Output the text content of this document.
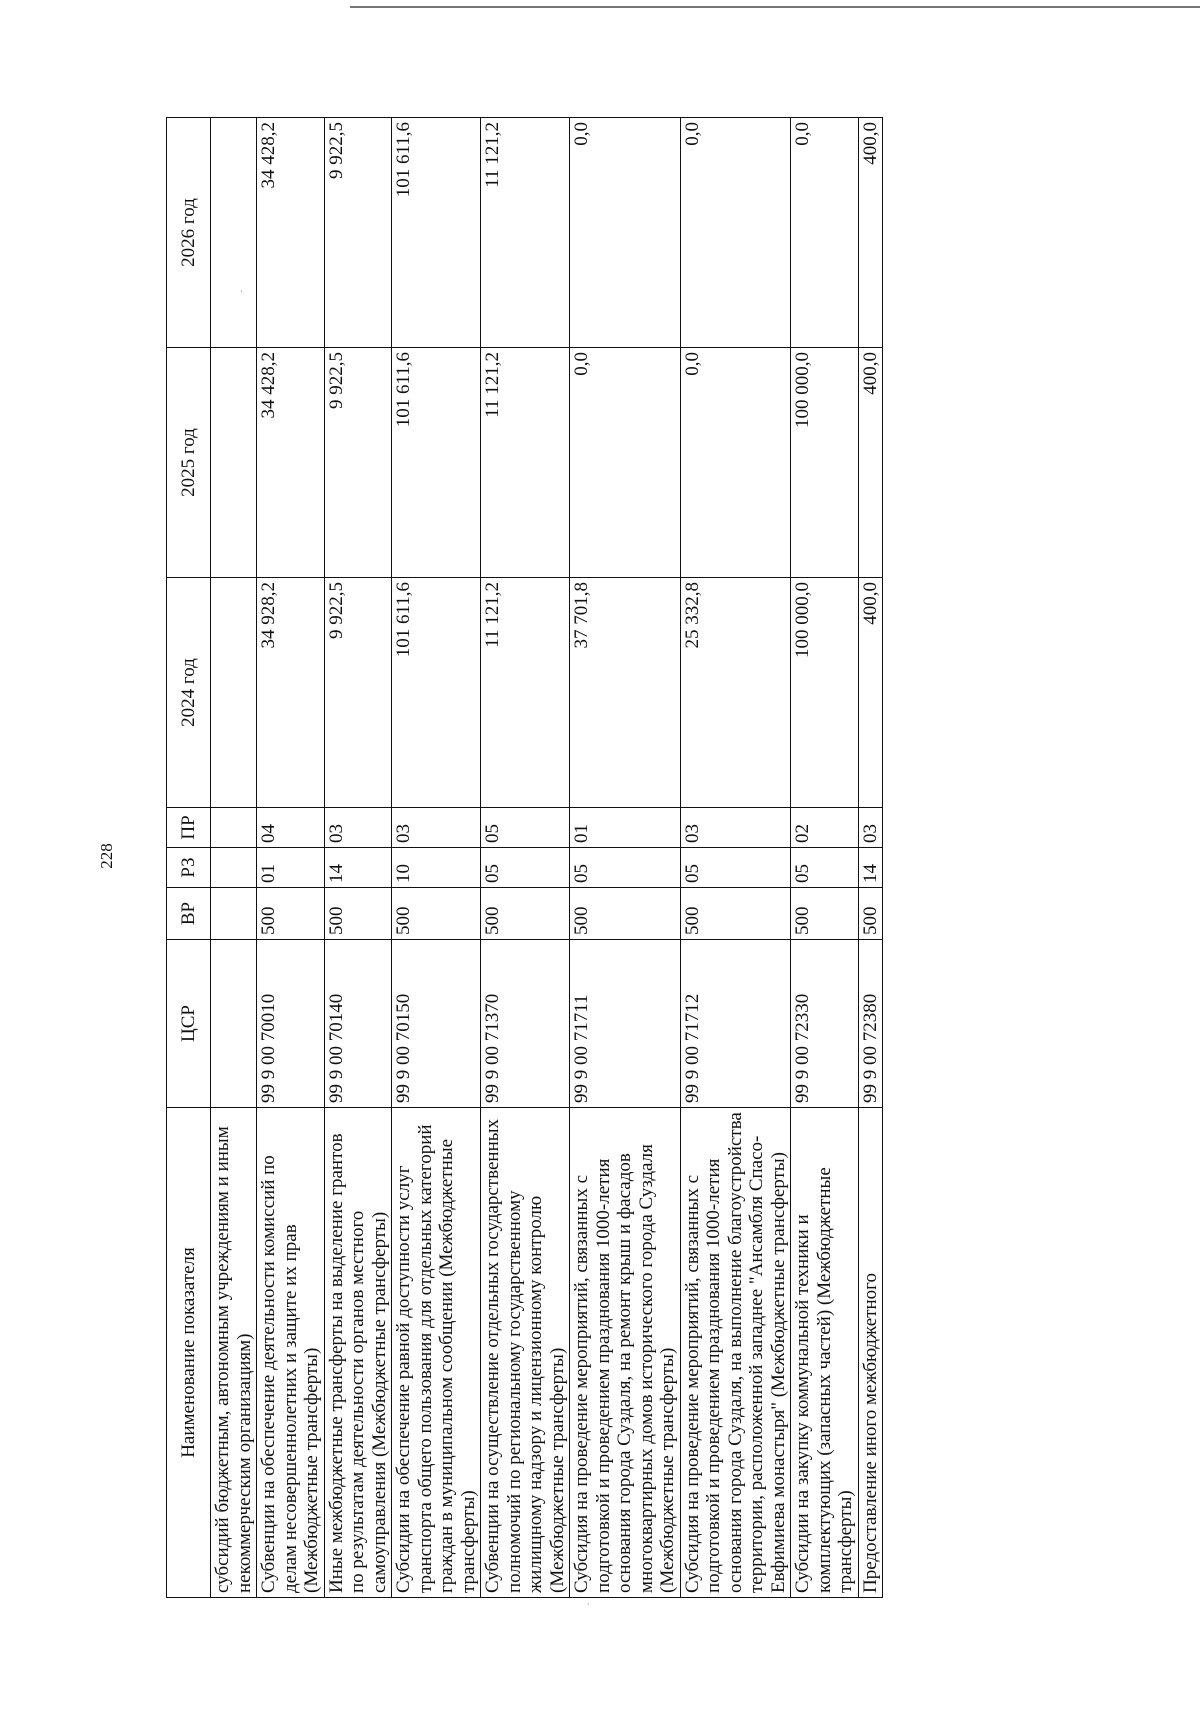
·
·
228
Наименование показателя	ЦСР	ВР	РЗ	ПР	2024 год	2025 год	2026 год
субсидий бюджетным, автономным учреждениям и иным некоммерческим организациям)							
Субвенции на обеспечение деятельности комиссий по делам несовершеннолетних и защите их прав (Межбюджетные трансферты)	99 9 00 70010	500	01	04	34 928,2	34 428,2	34 428,2
Иные межбюджетные трансферты на выделение грантов по результатам деятельности органов местного самоуправления (Межбюджетные трансферты)	99 9 00 70140	500	14	03	9 922,5	9 922,5	9 922,5
Субсидии на обеспечение равной доступности услуг транспорта общего пользования для отдельных категорий граждан в муниципальном сообщении (Межбюджетные трансферты)	99 9 00 70150	500	10	03	101 611,6	101 611,6	101 611,6
Субвенции на осуществление отдельных государственных полномочий по региональному государственному жилищному надзору и лицензионному контролю (Межбюджетные трансферты)	99 9 00 71370	500	05	05	11 121,2	11 121,2	11 121,2
Субсидия на проведение мероприятий, связанных с подготовкой и проведением празднования 1000-летия основания города Суздаля, на ремонт крыш и фасадов многоквартирных домов исторического города Суздаля (Межбюджетные трансферты)	99 9 00 71711	500	05	01	37 701,8	0,0	0,0
Субсидия на проведение мероприятий, связанных с подготовкой и проведением празднования 1000-летия основания города Суздаля, на выполнение благоустройства территории, расположенной западнее "Ансамбля Спасо-Евфимиева монастыря" (Межбюджетные трансферты)	99 9 00 71712	500	05	03	25 332,8	0,0	0,0
Субсидии на закупку коммунальной техники и комплектующих (запасных частей) (Межбюджетные трансферты)	99 9 00 72330	500	05	02	100 000,0	100 000,0	0,0
Предоставление иного межбюджетного	99 9 00 72380	500	14	03	400,0	400,0	400,0
